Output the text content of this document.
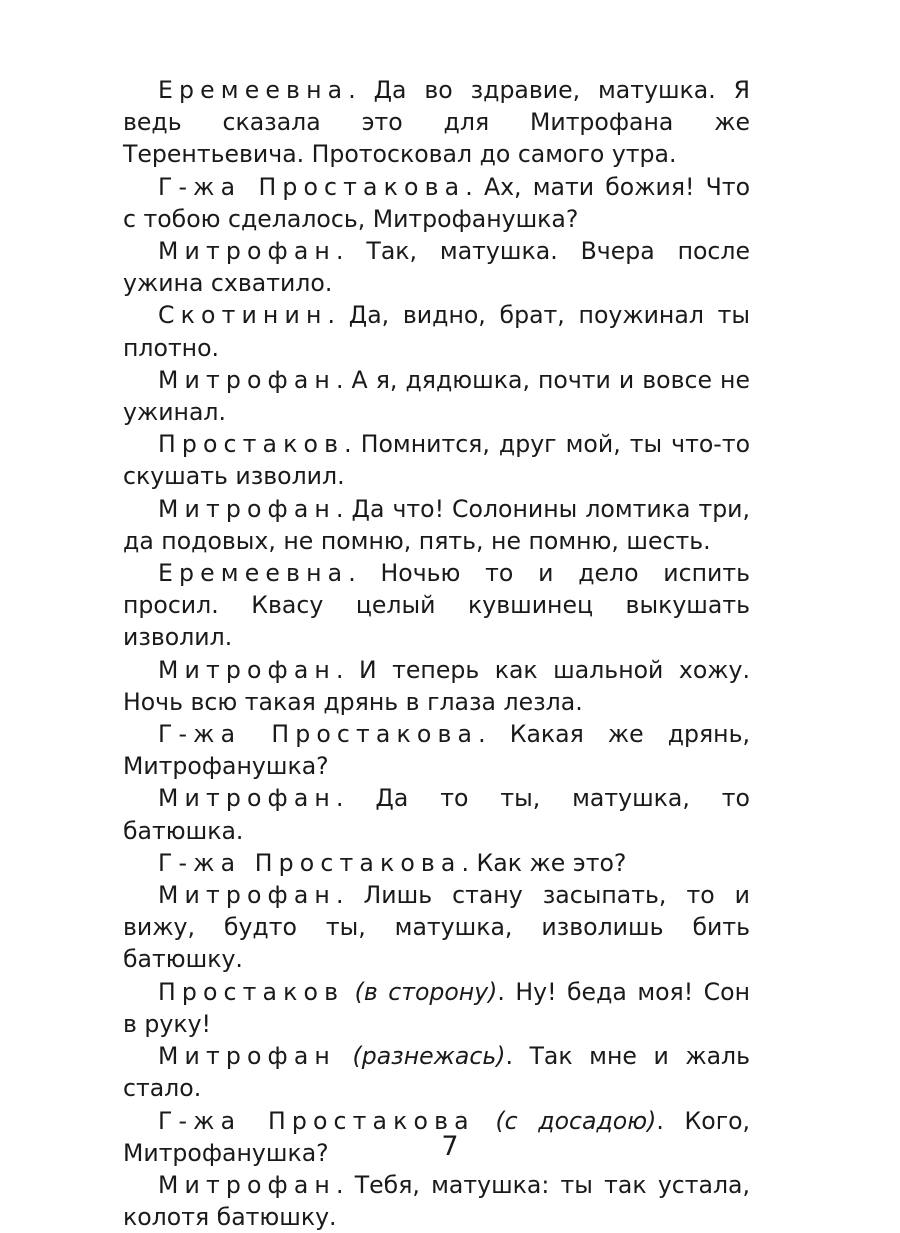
Еремеевна. Да во здравие, матушка. Я ведь сказала это для Митрофана же Терентьевича. Протосковал до самого утра.

Г-жа Простакова. Ах, мати божия! Что с тобою сделалось, Митрофанушка?

Митрофан. Так, матушка. Вчера после ужина схватило.

Скотинин. Да, видно, брат, поужинал ты плотно.

Митрофан. А я, дядюшка, почти и вовсе не ужинал.

Простаков. Помнится, друг мой, ты что-то скушать изволил.

Митрофан. Да что! Солонины ломтика три, да подовых, не помню, пять, не помню, шесть.

Еремеевна. Ночью то и дело испить просил. Квасу целый кувшинец выкушать изволил.

Митрофан. И теперь как шальной хожу. Ночь всю такая дрянь в глаза лезла.

Г-жа Простакова. Какая же дрянь, Митрофанушка?

Митрофан. Да то ты, матушка, то батюшка.

Г-жа Простакова. Как же это?

Митрофан. Лишь стану засыпать, то и вижу, будто ты, матушка, изволишь бить батюшку.

Простаков (в сторону). Ну! беда моя! Сон в руку!

Митрофан (разнежась). Так мне и жаль стало.

Г-жа Простакова (с досадою). Кого, Митрофанушка?

Митрофан. Тебя, матушка: ты так устала, колотя батюшку.

7
